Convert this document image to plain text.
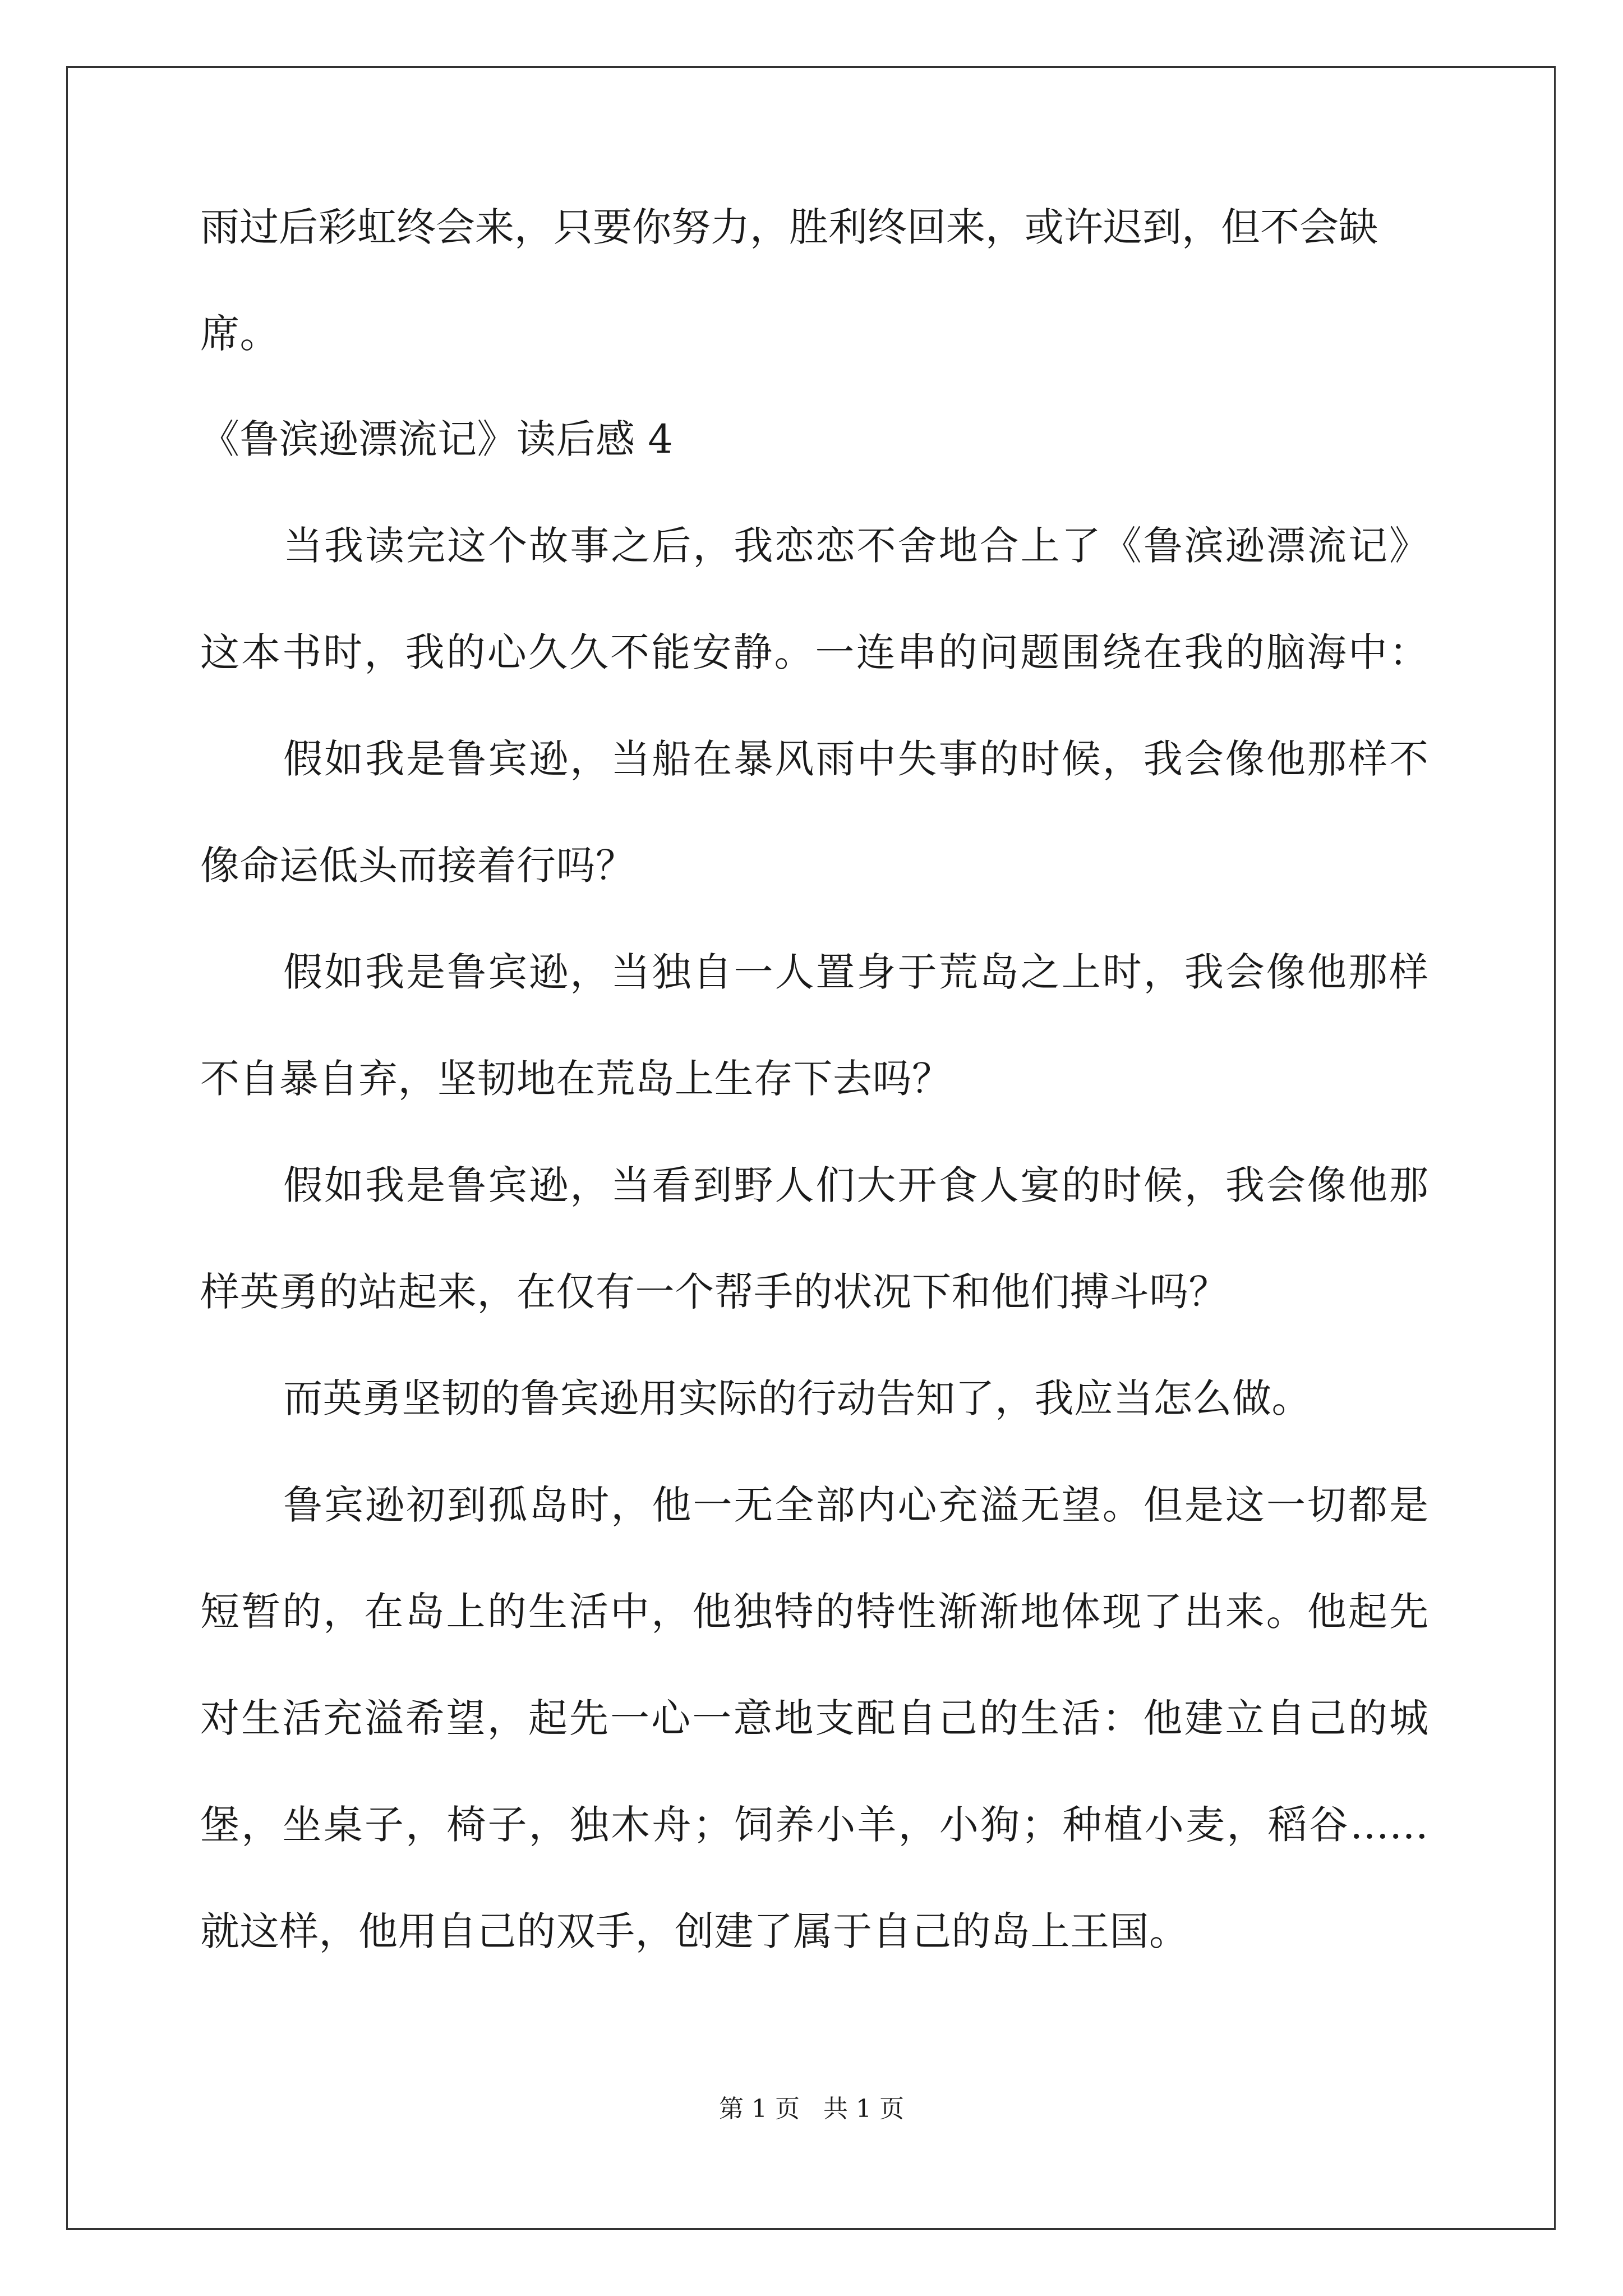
雨过后彩虹终会来，只要你努力，胜利终回来，或许迟到，但不会缺
席。
《鲁滨逊漂流记》读后感 4
当我读完这个故事之后，我恋恋不舍地合上了《鲁滨逊漂流记》
这本书时，我的心久久不能安静。一连串的问题围绕在我的脑海中：
假如我是鲁宾逊，当船在暴风雨中失事的时候，我会像他那样不
像命运低头而接着行吗？
假如我是鲁宾逊，当独自一人置身于荒岛之上时，我会像他那样
不自暴自弃，坚韧地在荒岛上生存下去吗？
假如我是鲁宾逊，当看到野人们大开食人宴的时候，我会像他那
样英勇的站起来，在仅有一个帮手的状况下和他们搏斗吗？
而英勇坚韧的鲁宾逊用实际的行动告知了，我应当怎么做。
鲁宾逊初到孤岛时，他一无全部内心充溢无望。但是这一切都是
短暂的，在岛上的生活中，他独特的特性渐渐地体现了出来。他起先
对生活充溢希望，起先一心一意地支配自己的生活：他建立自己的城
堡，坐桌子，椅子，独木舟；饲养小羊，小狗；种植小麦，稻谷……
就这样，他用自己的双手，创建了属于自己的岛上王国。
第 1 页 共 1 页
